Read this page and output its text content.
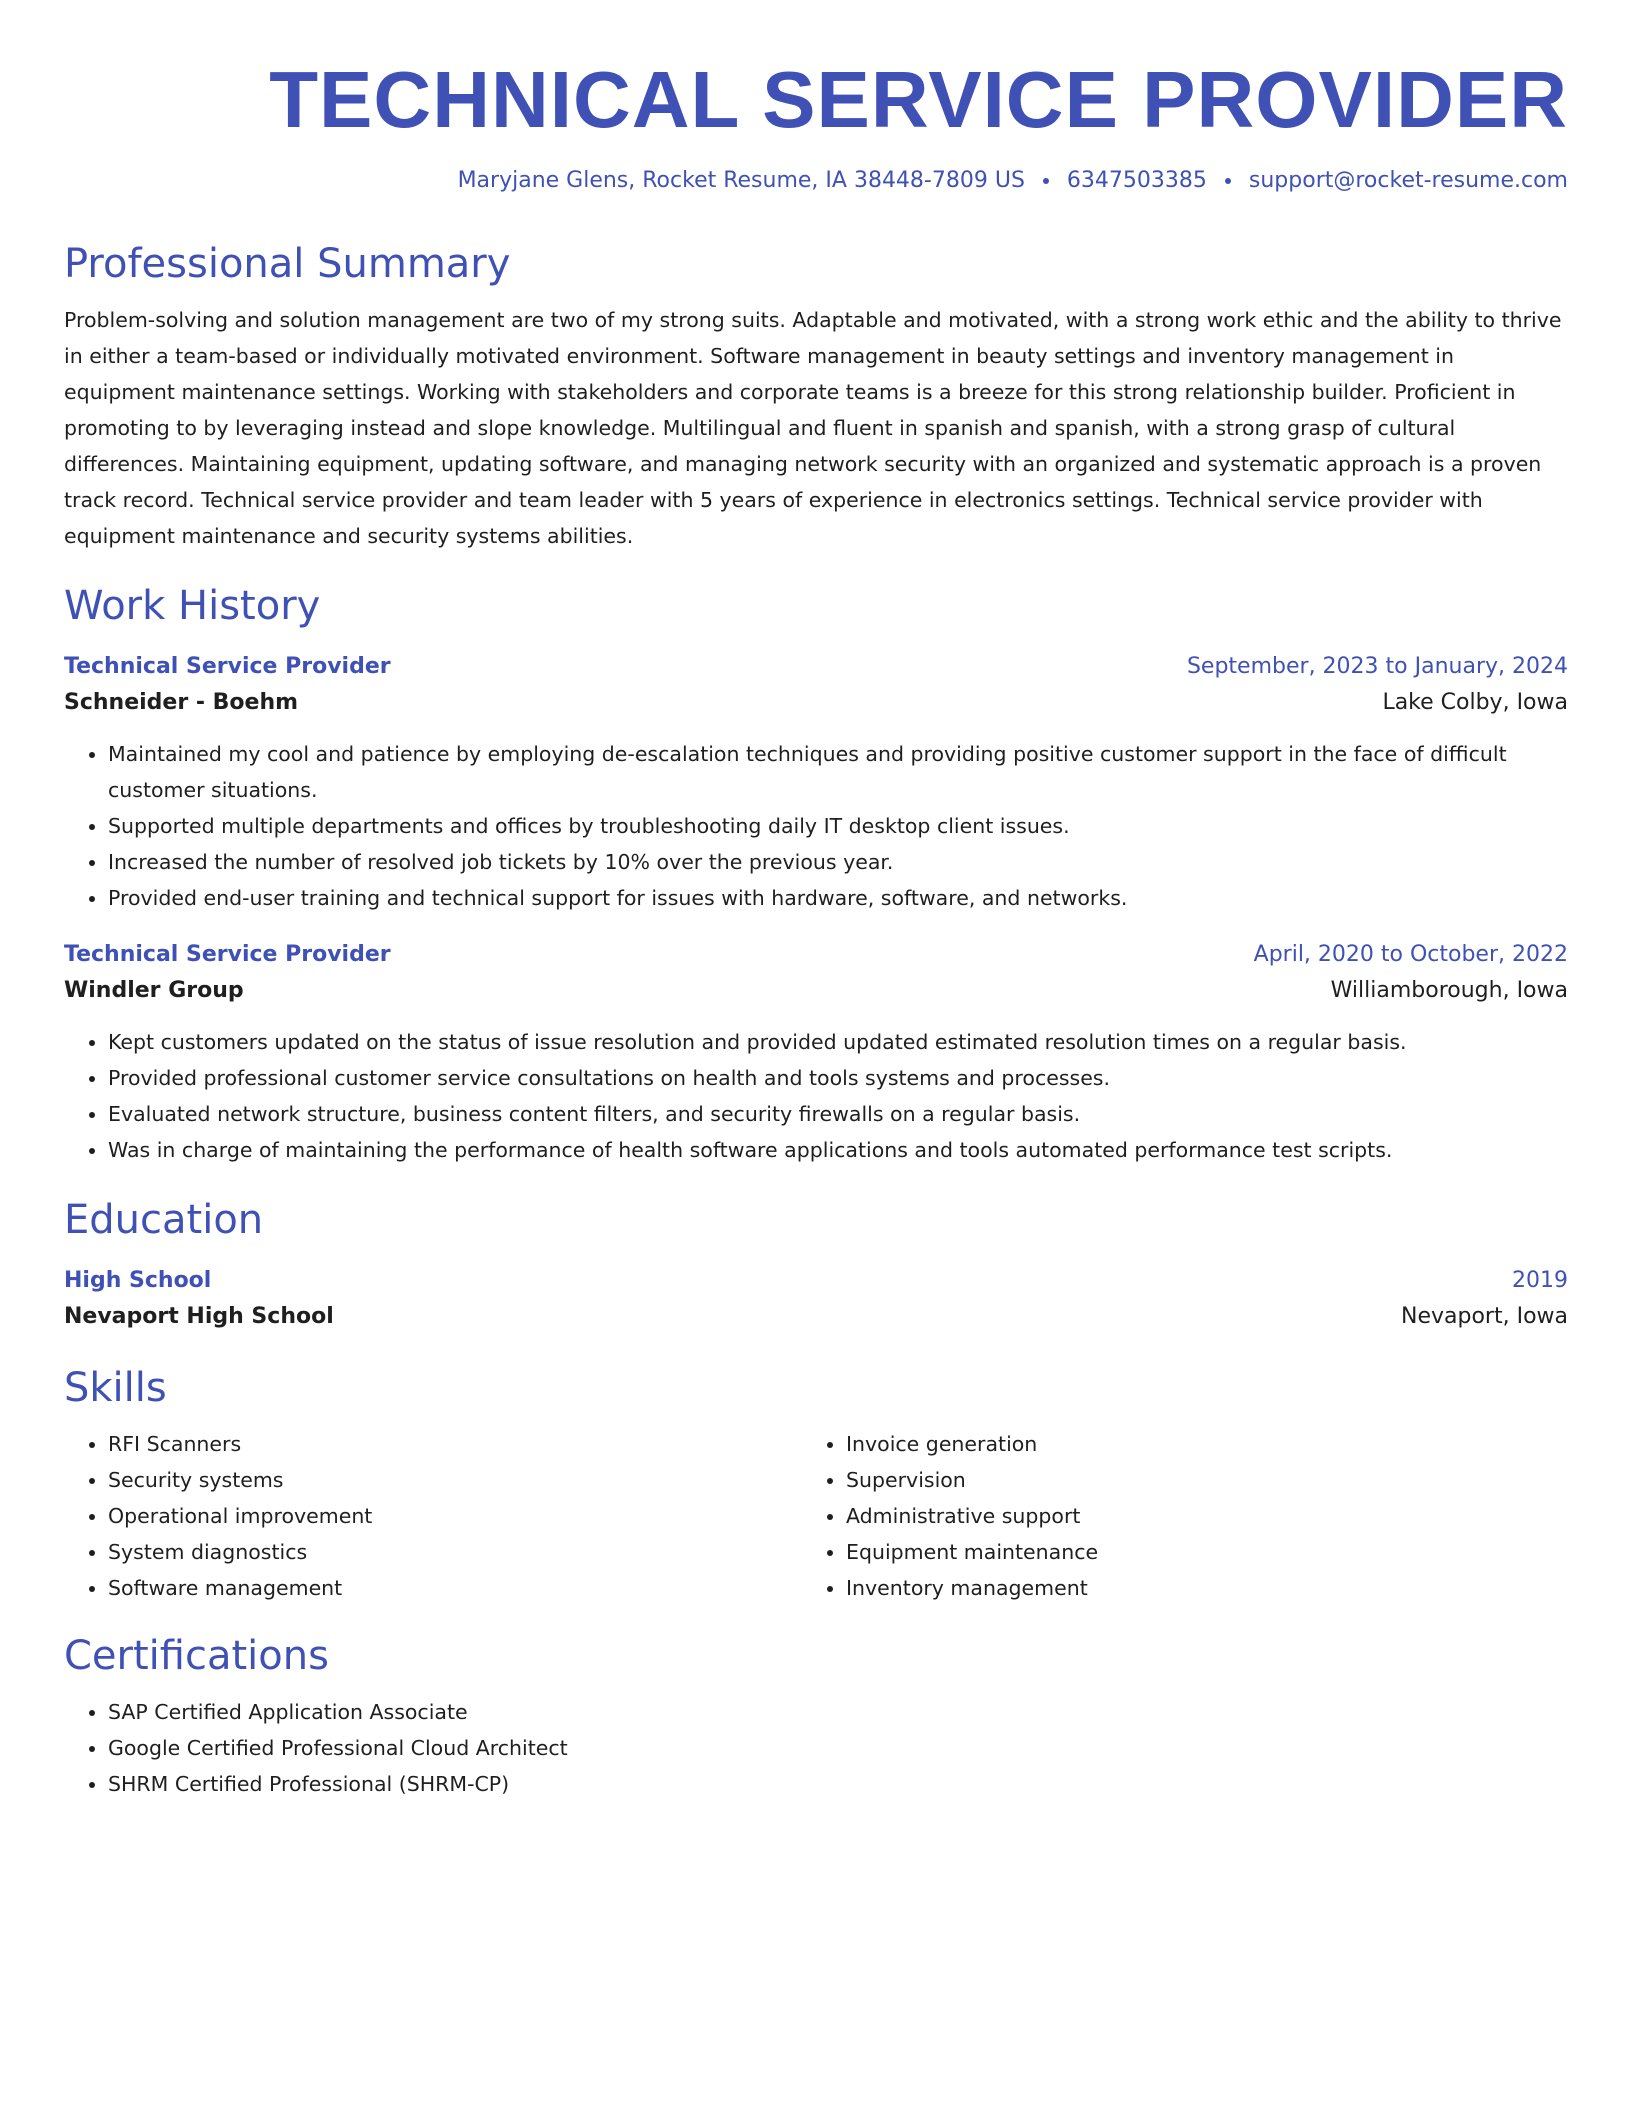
TECHNICAL SERVICE PROVIDER
Maryjane Glens, Rocket Resume, IA 38448-7809 US 6347503385 support@rocket-resume.com
Professional Summary
Problem-solving and solution management are two of my strong suits. Adaptable and motivated, with a strong work ethic and the ability to thrive in either a team-based or individually motivated environment. Software management in beauty settings and inventory management in equipment maintenance settings. Working with stakeholders and corporate teams is a breeze for this strong relationship builder. Proficient in promoting to by leveraging instead and slope knowledge. Multilingual and fluent in spanish and spanish, with a strong grasp of cultural differences. Maintaining equipment, updating software, and managing network security with an organized and systematic approach is a proven track record. Technical service provider and team leader with 5 years of experience in electronics settings. Technical service provider with equipment maintenance and security systems abilities.
Work History
Technical Service Provider	September, 2023 to January, 2024
Schneider - Boehm	Lake Colby, Iowa
• Maintained my cool and patience by employing de-escalation techniques and providing positive customer support in the face of difficult customer situations.
• Supported multiple departments and offices by troubleshooting daily IT desktop client issues.
• Increased the number of resolved job tickets by 10% over the previous year.
• Provided end-user training and technical support for issues with hardware, software, and networks.
Technical Service Provider	April, 2020 to October, 2022
Windler Group	Williamborough, Iowa
• Kept customers updated on the status of issue resolution and provided updated estimated resolution times on a regular basis.
• Provided professional customer service consultations on health and tools systems and processes.
• Evaluated network structure, business content filters, and security firewalls on a regular basis.
• Was in charge of maintaining the performance of health software applications and tools automated performance test scripts.
Education
High School	2019
Nevaport High School	Nevaport, Iowa
Skills
• RFI Scanners
• Security systems
• Operational improvement
• System diagnostics
• Software management
• Invoice generation
• Supervision
• Administrative support
• Equipment maintenance
• Inventory management
Certifications
• SAP Certified Application Associate
• Google Certified Professional Cloud Architect
• SHRM Certified Professional (SHRM-CP)
